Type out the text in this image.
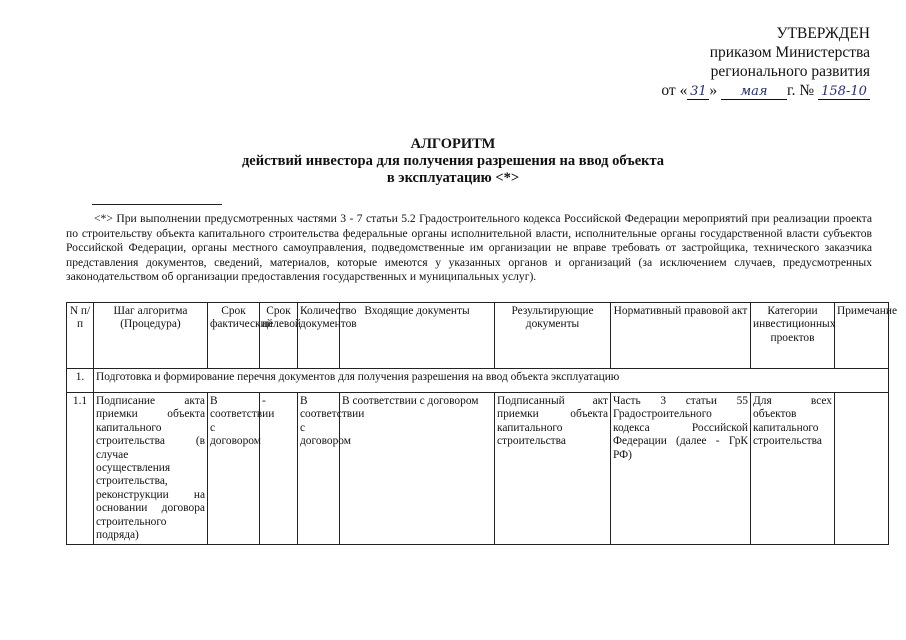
УТВЕРЖДЕН
приказом Министерства
регионального развития
от « 31 » мая г. № 158-10
АЛГОРИТМ
действий инвестора для получения разрешения на ввод объекта
в эксплуатацию <*>
<*> При выполнении предусмотренных частями 3 - 7 статьи 5.2 Градостроительного кодекса Российской Федерации мероприятий при реализации проекта по строительству объекта капитального строительства федеральные органы исполнительной власти, исполнительные органы государственной власти субъектов Российской Федерации, органы местного самоуправления, подведомственные им организации не вправе требовать от застройщика, технического заказчика представления документов, сведений, материалов, которые имеются у указанных органов и организаций (за исключением случаев, предусмотренных законодательством об организации предоставления государственных и муниципальных услуг).
N п/п	Шаг алгоритма (Процедура)	Срок фактический	Срок целевой	Количество документов	Входящие документы	Результирующие документы	Нормативный правовой акт	Категории инвестиционных проектов	Примечание
1.	Подготовка и формирование перечня документов для получения разрешения на ввод объекта эксплуатацию								
1.1	Подписание акта приемки объекта капитального строительства (в случае осуществления строительства, реконструкции на основании договора строительного подряда)	В соответствии с договором	-	В соответствии с договором	В соответствии с договором	Подписанный акт приемки объекта капитального строительства	Часть 3 статьи 55 Градостроительного кодекса Российской Федерации (далее - ГрК РФ)	Для всех объектов капитального строительства	
